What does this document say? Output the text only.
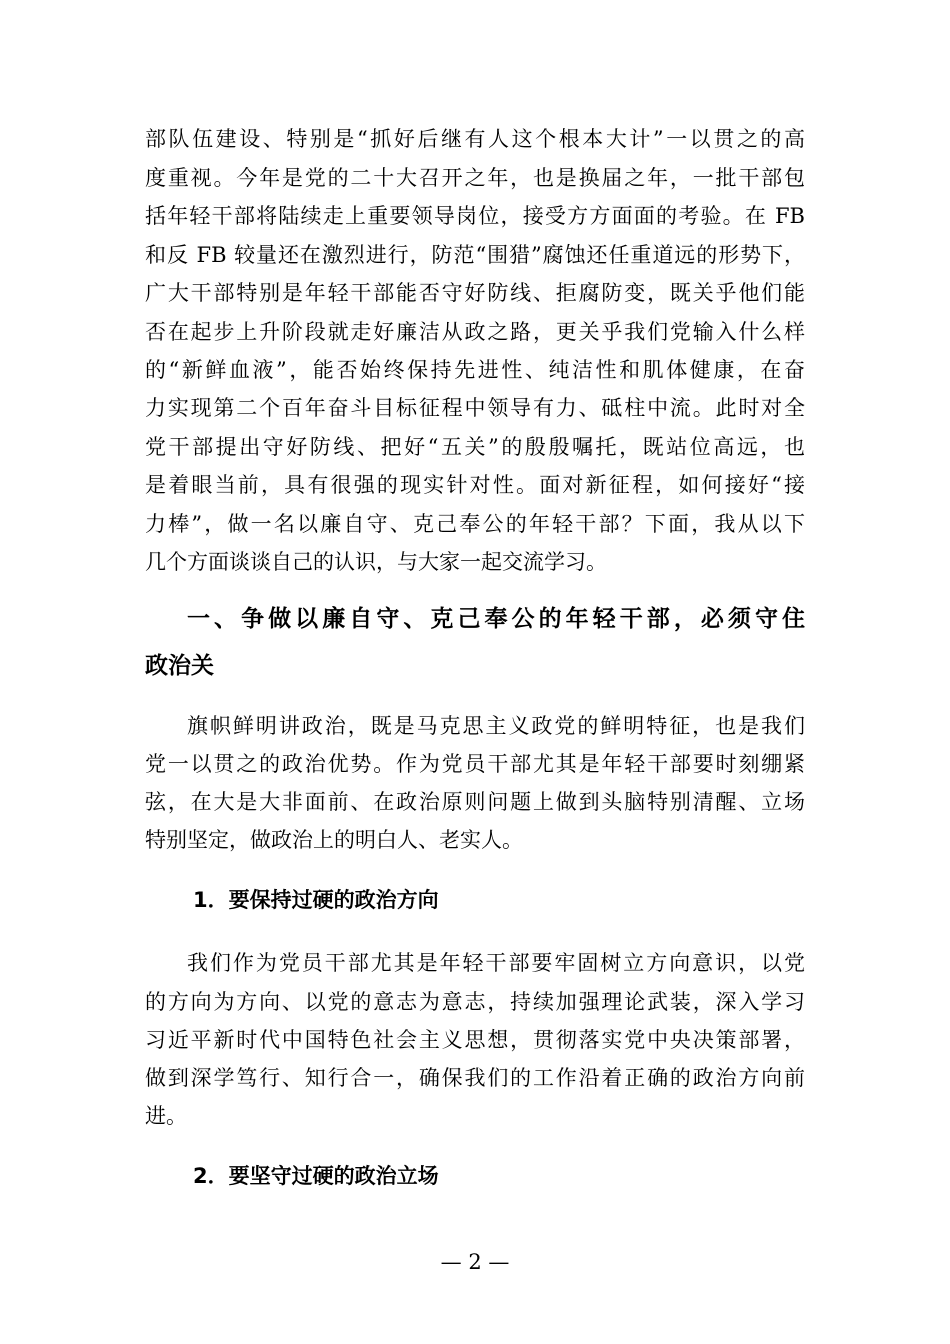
部队伍建设、特别是“抓好后继有人这个根本大计”一以贯之的高
度重视。今年是党的二十大召开之年，也是换届之年，一批干部包
括年轻干部将陆续走上重要领导岗位，接受方方面面的考验。在 FB
和反 FB 较量还在激烈进行，防范“围猎”腐蚀还任重道远的形势下，
广大干部特别是年轻干部能否守好防线、拒腐防变，既关乎他们能
否在起步上升阶段就走好廉洁从政之路，更关乎我们党输入什么样
的“新鲜血液”，能否始终保持先进性、纯洁性和肌体健康，在奋
力实现第二个百年奋斗目标征程中领导有力、砥柱中流。此时对全
党干部提出守好防线、把好“五关”的殷殷嘱托，既站位高远，也
是着眼当前，具有很强的现实针对性。面对新征程，如何接好“接
力棒”，做一名以廉自守、克己奉公的年轻干部？下面，我从以下
几个方面谈谈自己的认识，与大家一起交流学习。
一、争做以廉自守、克己奉公的年轻干部，必须守住
政治关
旗帜鲜明讲政治，既是马克思主义政党的鲜明特征，也是我们
党一以贯之的政治优势。作为党员干部尤其是年轻干部要时刻绷紧
弦，在大是大非面前、在政治原则问题上做到头脑特别清醒、立场
特别坚定，做政治上的明白人、老实人。
1．要保持过硬的政治方向
我们作为党员干部尤其是年轻干部要牢固树立方向意识，以党
的方向为方向、以党的意志为意志，持续加强理论武装，深入学习
习近平新时代中国特色社会主义思想，贯彻落实党中央决策部署，
做到深学笃行、知行合一，确保我们的工作沿着正确的政治方向前
进。
2．要坚守过硬的政治立场
— 2 —
